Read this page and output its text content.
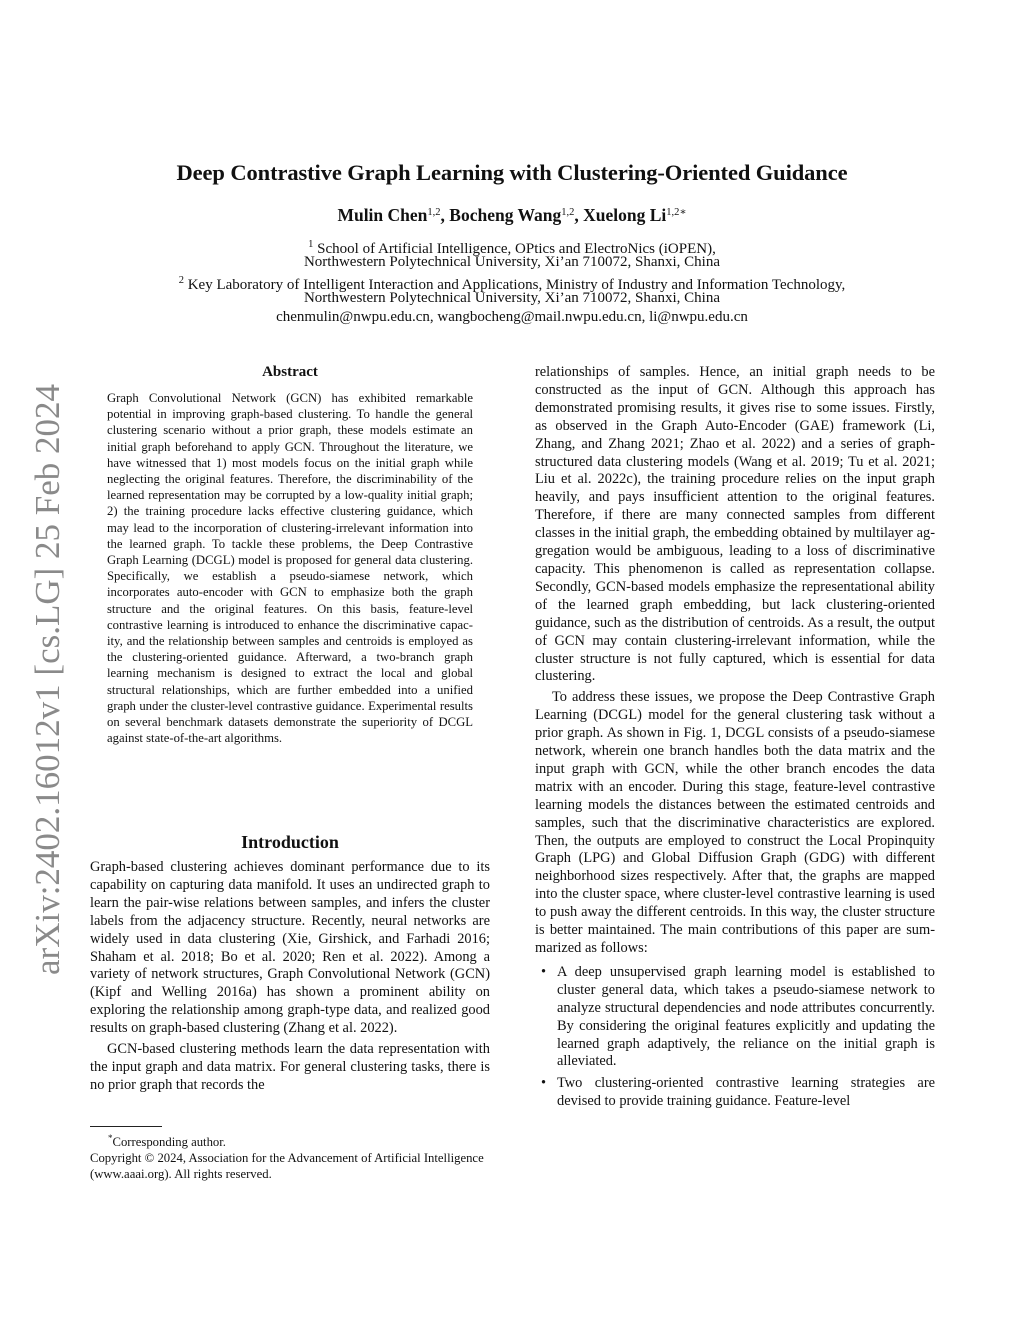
arXiv:2402.16012v1 [cs.LG] 25 Feb 2024
Deep Contrastive Graph Learning with Clustering-Oriented Guidance
Mulin Chen$^{1,2}$, Bocheng Wang$^{1,2}$, Xuelong $Li^{1,2∗}$
$^1$ School of Artificial Intelligence, OPtics and ElectroNics (iOPEN),
Northwestern Polytechnical University, Xi’an 710072, Shanxi, China
$^2$ Key Laboratory of Intelligent Interaction and Applications, Ministry of Industry and Information Technology,
Northwestern Polytechnical University, Xi’an 710072, Shanxi, China
chenmulin@nwpu.edu.cn, wangbocheng@mail.nwpu.edu.cn, li@nwpu.edu.cn
Abstract
Graph Convolutional Network (GCN) has exhibited remarkable potential in improving graph-based clustering. To handle the general clustering scenario without a prior graph, these models estimate an initial graph beforehand to apply GCN. Throughout the literature, we have witnessed that 1) most models focus on the initial graph while neglecting the original features. Therefore, the discriminability of the learned representation may be corrupted by a low-quality initial graph; 2) the training procedure lacks effective clustering guidance, which may lead to the incorporation of clustering-irrelevant information into the learned graph. To tackle these problems, the Deep Contrastive Graph Learning (DCGL) model is proposed for general data clustering. Specifically, we establish a pseudo-siamese network, which incorporates auto-encoder with GCN to emphasize both the graph structure and the original features. On this basis, feature-level contrastive learning is introduced to enhance the discriminative capacity, and the relationship between samples and centroids is employed as the clustering-oriented guidance. Afterward, a two-branch graph learning mechanism is designed to extract the local and global structural relationships, which are further embedded into a unified graph under the cluster-level contrastive guidance. Experimental results on several benchmark datasets demonstrate the superiority of DCGL against state-of-the-art algorithms.
Introduction

Graph-based clustering achieves dominant performance due to its capability on capturing data manifold. It uses an undirected graph to learn the pair-wise relations between samples, and infers the cluster labels from the adjacency structure. Recently, neural networks are widely used in data clustering (Xie, Girshick, and Farhadi 2016; Shaham et al. 2018; Bo et al. 2020; Ren et al. 2022). Among a variety of network structures, Graph Convolutional Network (GCN) (Kipf and Welling 2016a) has shown a prominent ability on exploring the relationship among graph-type data, and realized good results on graph-based clustering (Zhang et al. 2022).

GCN-based clustering methods learn the data representation with the input graph and data matrix. For general clustering tasks, there is no prior graph that records the

*Corresponding author.
Copyright © 2024, Association for the Advancement of Artificial Intelligence (www.aaai.org). All rights reserved.

relationships of samples. Hence, an initial graph needs to be constructed as the input of GCN. Although this approach has demonstrated promising results, it gives rise to some issues. Firstly, as observed in the Graph Auto-Encoder (GAE) framework (Li, Zhang, and Zhang 2021; Zhao et al. 2022) and a series of graph-structured data clustering models (Wang et al. 2019; Tu et al. 2021; Liu et al. 2022c), the training procedure relies on the input graph heavily, and pays insufficient attention to the original features. Therefore, if there are many connected samples from different classes in the initial graph, the embedding obtained by multilayer aggregation would be ambiguous, leading to a loss of discriminative capacity. This phenomenon is called as representation collapse. Secondly, GCN-based models emphasize the representational ability of the learned graph embedding, but lack clustering-oriented guidance, such as the distribution of centroids. As a result, the output of GCN may contain clustering-irrelevant information, while the cluster structure is not fully captured, which is essential for data clustering.

To address these issues, we propose the Deep Contrastive Graph Learning (DCGL) model for the general clustering task without a prior graph. As shown in Fig. 1, DCGL consists of a pseudo-siamese network, wherein one branch handles both the data matrix and the input graph with GCN, while the other branch encodes the data matrix with an encoder. During this stage, feature-level contrastive learning models the distances between the estimated centroids and samples, such that the discriminative characteristics are explored. Then, the outputs are employed to construct the Local Propinquity Graph (LPG) and Global Diffusion Graph (GDG) with different neighborhood sizes respectively. After that, the graphs are mapped into the cluster space, where cluster-level contrastive learning is used to push away the different centroids. In this way, the cluster structure is better maintained. The main contributions of this paper are summarized as follows:

• A deep unsupervised graph learning model is established to cluster general data, which takes a pseudo-siamese network to analyze structural dependencies and node attributes concurrently. By considering the original features explicitly and updating the learned graph adaptively, the reliance on the initial graph is alleviated.
• Two clustering-oriented contrastive learning strategies are devised to provide training guidance. Feature-level
